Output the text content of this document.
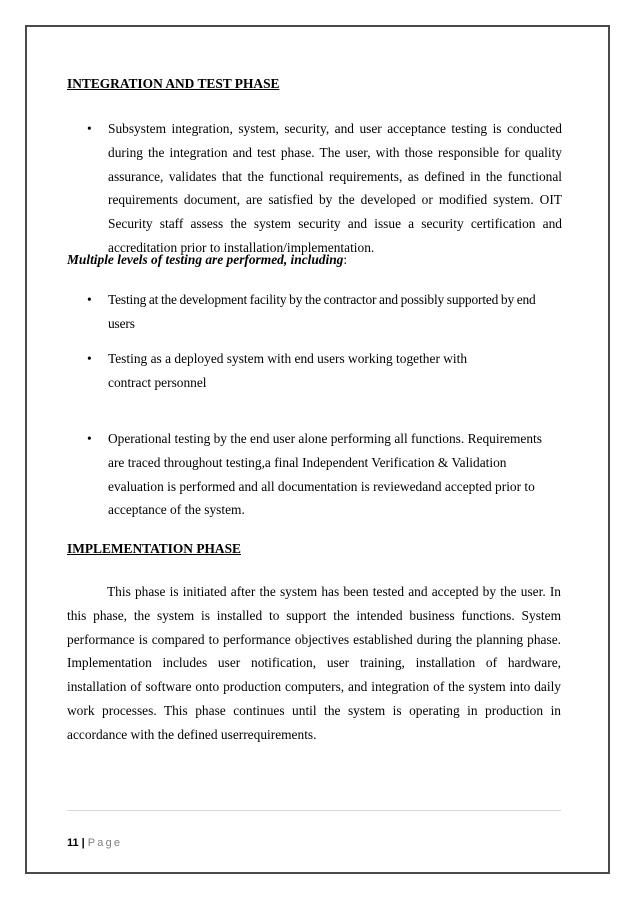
INTEGRATION AND TEST PHASE

• Subsystem integration, system, security, and user acceptance testing is conducted during the integration and test phase. The user, with those responsible for quality assurance, validates that the functional requirements, as defined in the functional requirements document, are satisfied by the developed or modified system. OIT Security staff assess the system security and issue a security certification and accreditation prior to installation/implementation.

Multiple levels of testing are performed, including:

• Testing at the development facility by the contractor and possibly supported by end users

• Testing as a deployed system with end users working together with contract personnel

• Operational testing by the end user alone performing all functions. Requirements are traced throughout testing,a final Independent Verification & Validation evaluation is performed and all documentation is reviewedand accepted prior to acceptance of the system.

IMPLEMENTATION PHASE

This phase is initiated after the system has been tested and accepted by the user. In this phase, the system is installed to support the intended business functions. System performance is compared to performance objectives established during the planning phase. Implementation includes user notification, user training, installation of hardware, installation of software onto production computers, and integration of the system into daily work processes. This phase continues until the system is operating in production in accordance with the defined userrequirements.

11 | Page
